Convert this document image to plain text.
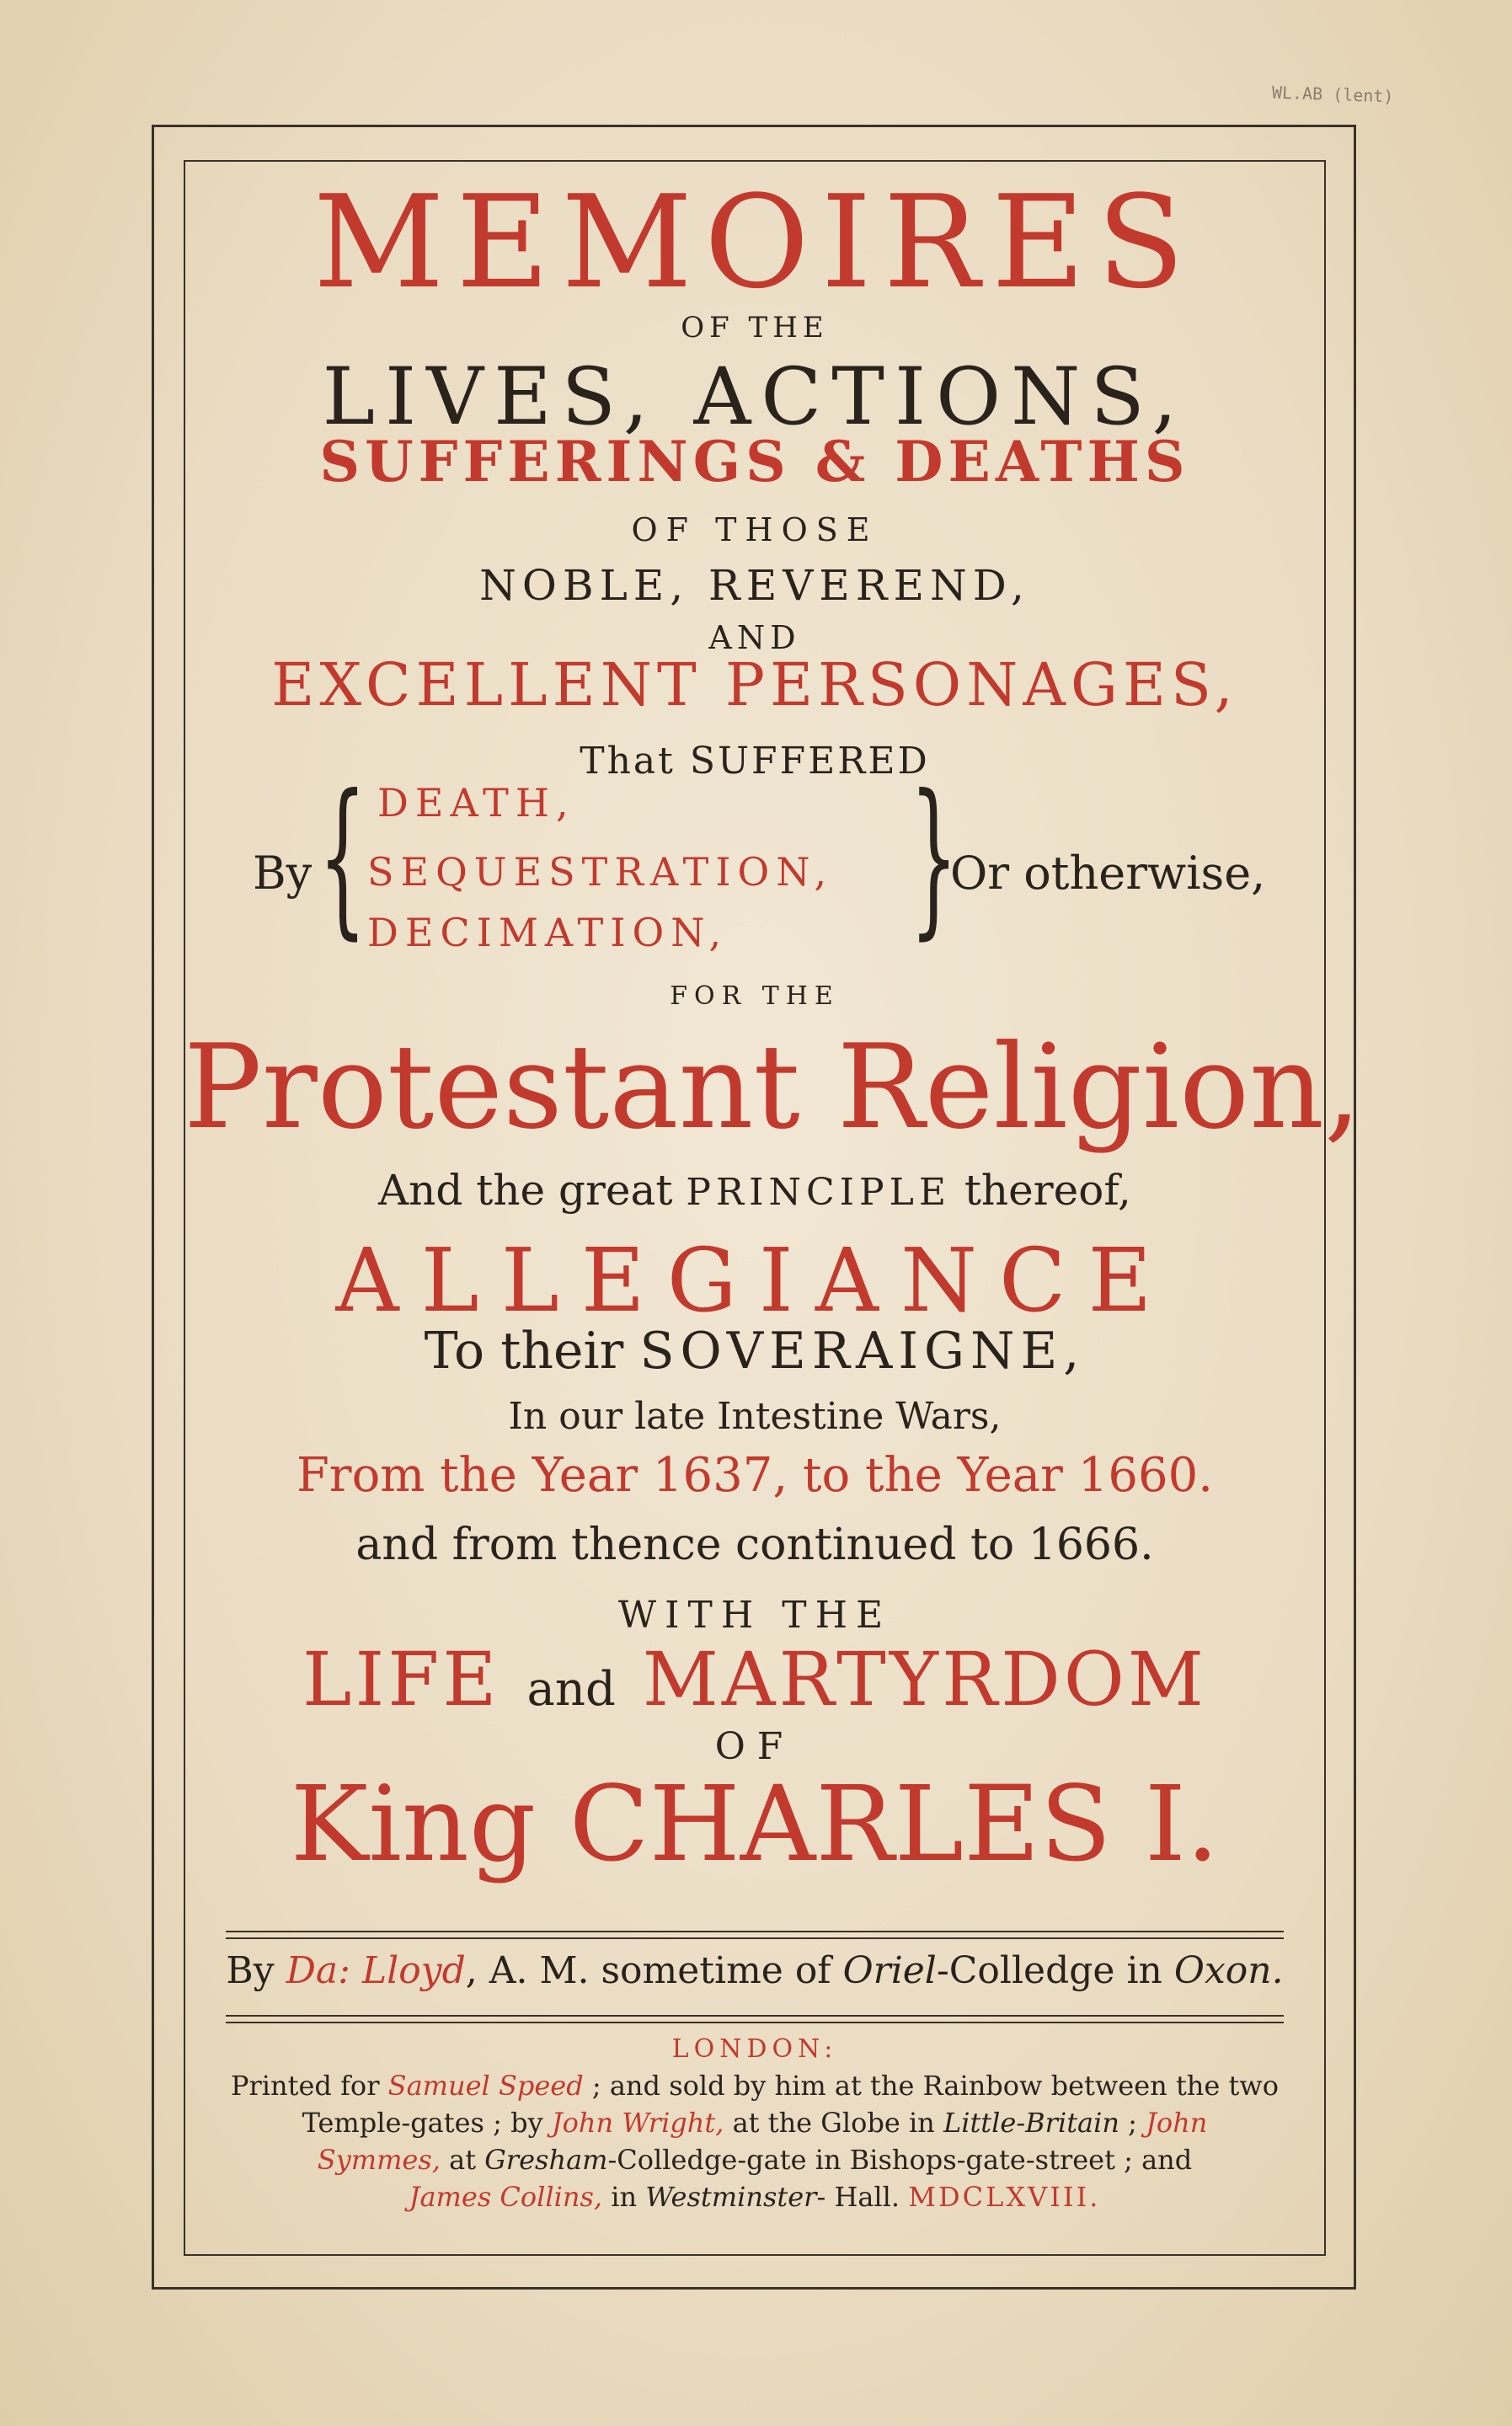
WL.AB (lent)
MEMOIRES
OF THE
LIVES, ACTIONS,
SUFFERINGS & DEATHS
OF THOSE
NOBLE, REVEREND,
AND
EXCELLENT PERSONAGES,
That SUFFERED
By { DEATH,
SEQUESTRATION,
DECIMATION, }
Or otherwise,
FOR THE
Protestant Religion,
And the great PRINCIPLE thereof,
ALLEGIANCE
To their SOVERAIGNE,
In our late Intestine Wars,
From the Year 1637, to the Year 1660.
and from thence continued to 1666.
WITH THE
LIFE and MARTYRDOM
OF
King CHARLES I.
By Da: Lloyd, A. M. sometime of Oriel-Colledge in Oxon.
LONDON:
Printed for Samuel Speed ; and sold by him at the Rainbow between the two
Temple-gates ; by John Wright, at the Globe in Little-Britain ; John
Symmes, at Gresham-Colledge-gate in Bishops-gate-street ; and
James Collins, in Westminster- Hall. MDCLXVIII.
